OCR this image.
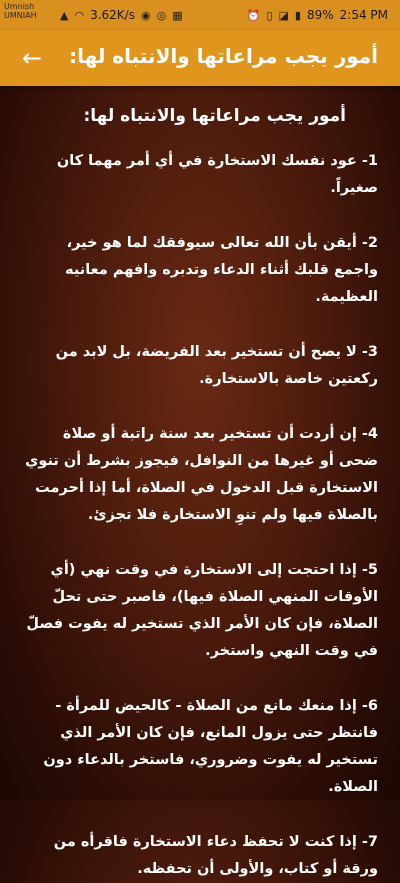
Umnish
UMNIAH ▲ ◠ 3.62K/s ◉ ◎ ▦	⏰ ▯ ◪ ▮ 89% 2:54 PM
← أمور يجب مراعاتها والانتباه لها:
أمور يجب مراعاتها والانتباه لها:

1- عود نفسك الاستخارة في أي أمر مهما كان صغيراً.

2- أيقن بأن الله تعالى سيوفقك لما هو خير، واجمع قلبك أثناء الدعاء وتدبره وافهم معانيه العظيمة.

3- لا يصح أن تستخير بعد الفريضة، بل لابد من ركعتين خاصة بالاستخارة.

4- إن أردت أن تستخير بعد سنة راتبة أو صلاة ضحى أو غيرها من النوافل، فيجوز بشرط أن تنوي الاستخارة قبل الدخول في الصلاة، أما إذا أحرمت بالصلاة فيها ولم تنوِ الاستخارة فلا تجزئ.

5- إذا احتجت إلى الاستخارة في وقت نهي (أي الأوقات المنهي الصلاة فيها)، فاصبر حتى تحلّ الصلاة، فإن كان الأمر الذي تستخير له يفوت فصلّ في وقت النهي واستخر.

6- إذا منعك مانع من الصلاة - كالحيض للمرأة - فانتظر حتى يزول المانع، فإن كان الأمر الذي تستخير له يفوت وضروري، فاستخر بالدعاء دون الصلاة.

7- إذا كنت لا تحفظ دعاء الاستخارة فاقرأه من ورقة أو كتاب، والأولى أن تحفظه.
